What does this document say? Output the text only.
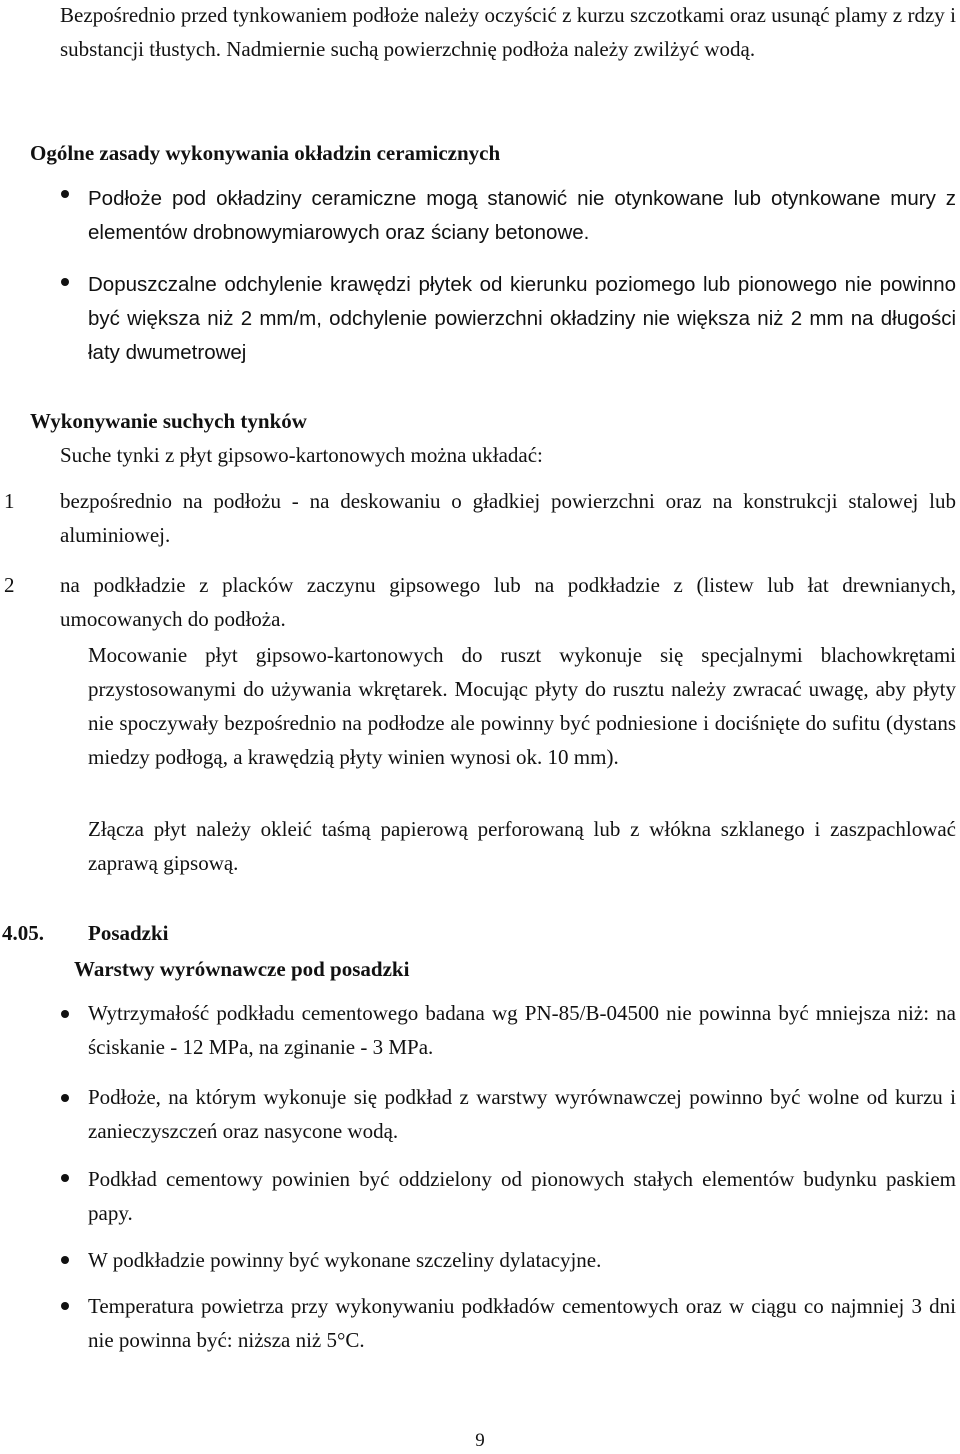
Bezpośrednio przed tynkowaniem podłoże należy oczyścić z kurzu szczotkami oraz usunąć plamy z rdzy i substancji tłustych. Nadmiernie suchą powierzchnię podłoża należy zwilżyć wodą.

Ogólne zasady wykonywania okładzin ceramicznych

Podłoże pod okładziny ceramiczne mogą stanowić nie otynkowane lub otynkowane mury z elementów drobnowymiarowych oraz ściany betonowe.

Dopuszczalne odchylenie krawędzi płytek od kierunku poziomego lub pionowego nie powinno być większa niż 2 mm/m, odchylenie powierzchni okładziny nie większa niż 2 mm na długości łaty dwumetrowej

Wykonywanie suchych tynków

Suche tynki z płyt gipsowo-kartonowych można układać:

1 bezpośrednio na podłożu - na deskowaniu o gładkiej powierzchni oraz na konstrukcji stalowej lub aluminiowej.

2 na podkładzie z placków zaczynu gipsowego lub na podkładzie z (listew lub łat drewnianych, umocowanych do podłoża.

Mocowanie płyt gipsowo-kartonowych do ruszt wykonuje się specjalnymi blachowkrętami przystosowanymi do używania wkrętarek. Mocując płyty do rusztu należy zwracać uwagę, aby płyty nie spoczywały bezpośrednio na podłodze ale powinny być podniesione i dociśnięte do sufitu (dystans miedzy podłogą, a krawędzią płyty winien wynosi ok. 10 mm).

Złącza płyt należy okleić taśmą papierową perforowaną lub z włókna szklanego i zaszpachlować zaprawą gipsową.

4.05. Posadzki
Warstwy wyrównawcze pod posadzki

Wytrzymałość podkładu cementowego badana wg PN-85/B-04500 nie powinna być mniejsza niż: na ściskanie - 12 MPa, na zginanie - 3 MPa.

Podłoże, na którym wykonuje się podkład z warstwy wyrównawczej powinno być wolne od kurzu i zanieczyszczeń oraz nasycone wodą.

Podkład cementowy powinien być oddzielony od pionowych stałych elementów budynku paskiem papy.

W podkładzie powinny być wykonane szczeliny dylatacyjne.

Temperatura powietrza przy wykonywaniu podkładów cementowych oraz w ciągu co najmniej 3 dni nie powinna być: niższa niż 5°C.

9
